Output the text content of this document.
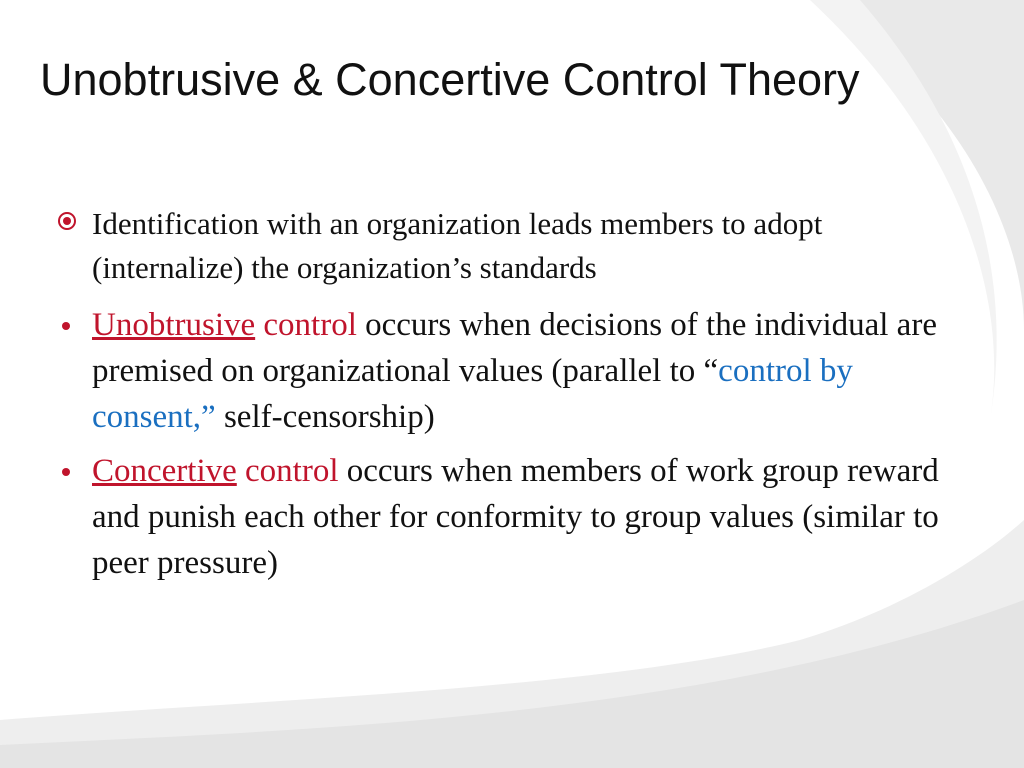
Unobtrusive & Concertive Control Theory
Identification with an organization leads members to adopt (internalize) the organization’s standards
Unobtrusive control occurs when decisions of the individual are premised on organizational values (parallel to “control by consent,” self-censorship)
Concertive control occurs when members of work group reward and punish each other for conformity to group values (similar to peer pressure)
